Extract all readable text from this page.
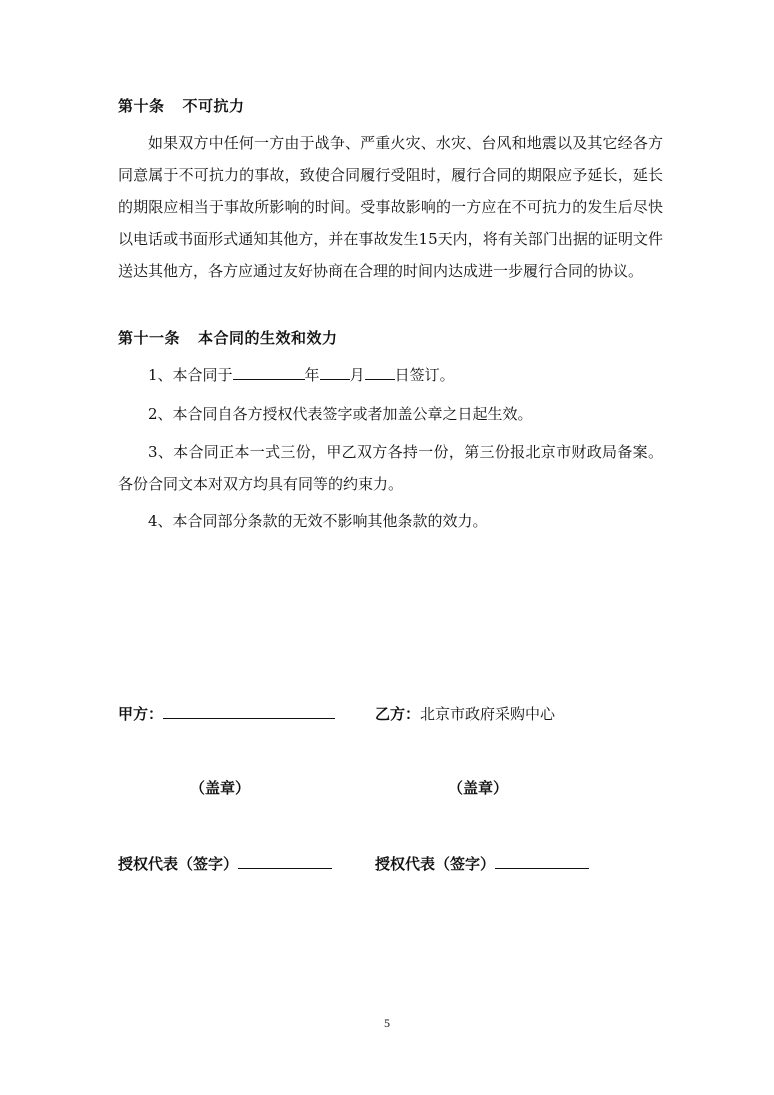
第十条 不可抗力
如果双方中任何一方由于战争、严重火灾、水灾、台风和地震以及其它经各方同意属于不可抗力的事故，致使合同履行受阻时，履行合同的期限应予延长，延长的期限应相当于事故所影响的时间。受事故影响的一方应在不可抗力的发生后尽快以电话或书面形式通知其他方，并在事故发生15天内，将有关部门出据的证明文件送达其他方，各方应通过友好协商在合理的时间内达成进一步履行合同的协议。
第十一条 本合同的生效和效力
1、本合同于	年 月 日签订。
2、本合同自各方授权代表签字或者加盖公章之日起生效。
3、本合同正本一式三份，甲乙双方各持一份，第三份报北京市财政局备案。各份合同文本对双方均具有同等的约束力。
4、本合同部分条款的无效不影响其他条款的效力。
甲方：	乙方：北京市政府采购中心
（盖章）	（盖章）
授权代表（签字）	授权代表（签字）
5
